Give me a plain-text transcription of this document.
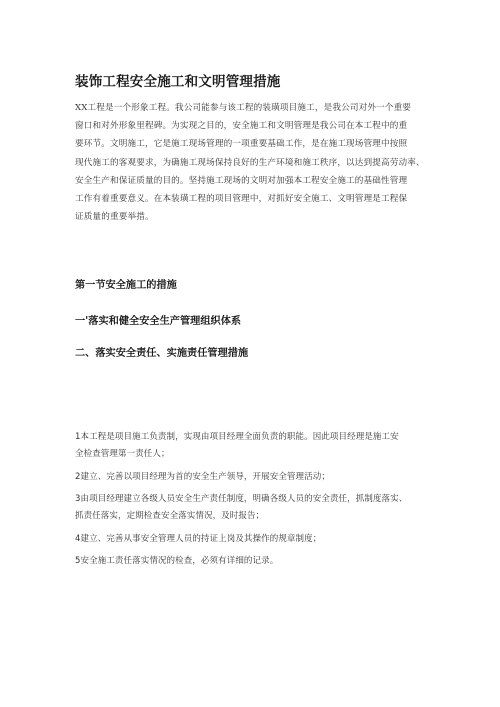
装饰工程安全施工和文明管理措施
XX工程是一个形象工程。我公司能参与该工程的装璜项目施工，是我公司对外一个重要
窗口和对外形象里程碑。为实现之目的，安全施工和文明管理是我公司在本工程中的重
要环节。文明施工，它是施工现场管理的一项重要基础工作，是在施工现场管理中按照
现代施工的客观要求，为确施工现场保持良好的生产环境和施工秩序，以达到提高劳动率、
安全生产和保证质量的目的。坚持施工现场的文明对加强本工程安全施工的基础性管理
工作有着重要意义。在本装璜工程的项目管理中，对抓好安全施工、文明管理是工程保
证质量的重要举措。
第一节安全施工的措施
一'落实和健全安全生产管理组织体系
二、落实安全责任、实施责任管理措施
1本工程是项目施工负责制，实现由项目经理全面负责的职能。因此项目经理是施工安
全检查管理第一责任人；
2建立、完善以项目经理为首的安全生产领导，开展安全管理活动；
3由项目经理建立各级人员安全生产责任制度，明确各级人员的安全责任，抓制度落实、
抓责任落实，定期检查安全落实情况，及时报告；
4建立、完善从事安全管理人员的持证上岗及其操作的规章制度；
5安全施工责任落实情况的检查，必须有详细的记录。
